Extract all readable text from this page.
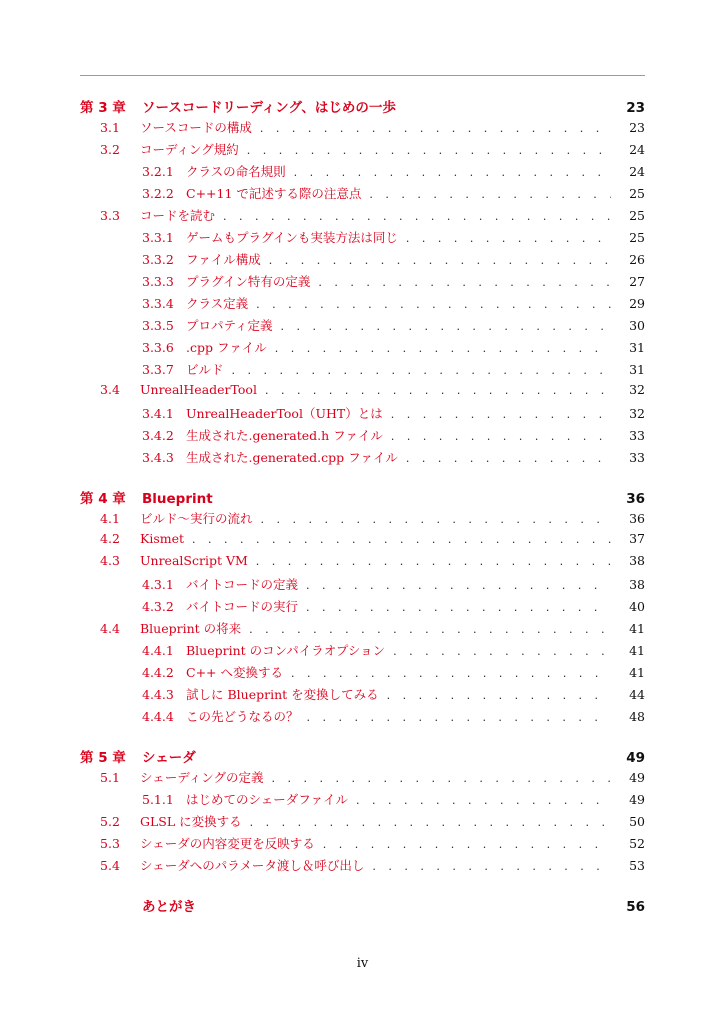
第 3 章	ソースコードリーディング、はじめの一歩	23
3.1	ソースコードの構成 . . .	23
3.2	コーディング規約 . . .	24
3.2.1 クラスの命名規則 . . .	24
3.2.2 C++11 で記述する際の注意点 . . .	25
3.3	コードを読む . . .	25
3.3.1 ゲームもプラグインも実装方法は同じ . . .	25
3.3.2 ファイル構成 . . .	26
3.3.3 プラグイン特有の定義 . . .	27
3.3.4 クラス定義 . . .	29
3.3.5 プロパティ定義 . . .	30
3.3.6 .cpp ファイル . . .	31
3.3.7 ビルド . . .	31
3.4	UnrealHeaderTool . . .	32
3.4.1 UnrealHeaderTool（UHT）とは . . .	32
3.4.2 生成された.generated.h ファイル . . .	33
3.4.3 生成された.generated.cpp ファイル . . .	33
第 4 章	Blueprint	36
4.1	ビルド〜実行の流れ . . .	36
4.2	Kismet . . .	37
4.3	UnrealScript VM . . .	38
4.3.1 バイトコードの定義 . . .	38
4.3.2 バイトコードの実行 . . .	40
4.4	Blueprint の将来 . . .	41
4.4.1 Blueprint のコンパイラオプション . . .	41
4.4.2 C++ へ変換する . . .	41
4.4.3 試しに Blueprint を変換してみる . . .	44
4.4.4 この先どうなるの？ . . .	48
第 5 章	シェーダ	49
5.1	シェーディングの定義 . . .	49
5.1.1 はじめてのシェーダファイル . . .	49
5.2	GLSL に変換する . . .	50
5.3	シェーダの内容変更を反映する . . .	52
5.4	シェーダへのパラメータ渡し＆呼び出し . . .	53
あとがき	56
iv
